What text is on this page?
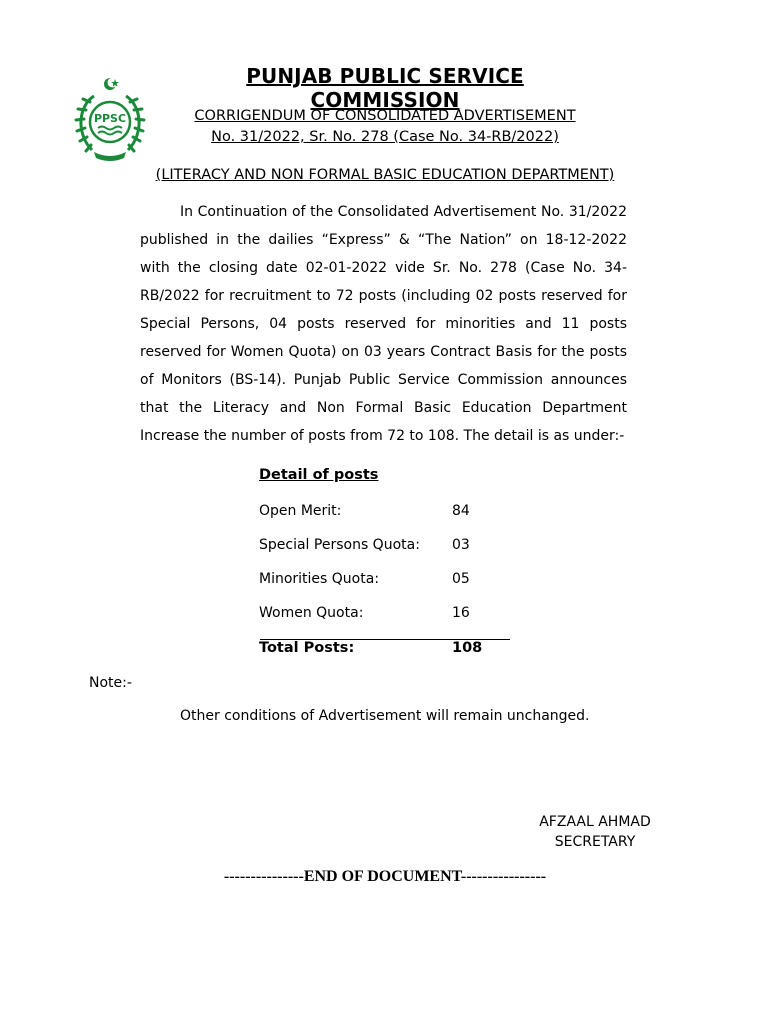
PPSC
PUNJAB PUBLIC SERVICE COMMISSION
CORRIGENDUM OF CONSOLIDATED ADVERTISEMENT
No. 31/2022, Sr. No. 278 (Case No. 34-RB/2022)
(LITERACY AND NON FORMAL BASIC EDUCATION DEPARTMENT)
In Continuation of the Consolidated Advertisement No. 31/2022 published in the dailies “Express” & “The Nation” on 18-12-2022 with the closing date 02-01-2022 vide Sr. No. 278 (Case No. 34-RB/2022 for recruitment to 72 posts (including 02 posts reserved for Special Persons, 04 posts reserved for minorities and 11 posts reserved for Women Quota) on 03 years Contract Basis for the posts of Monitors (BS-14). Punjab Public Service Commission announces that the Literacy and Non Formal Basic Education Department Increase the number of posts from 72 to 108. The detail is as under:-
Detail of posts
Open Merit:	84
Special Persons Quota: 03
Minorities Quota:	05
Women Quota:	16
Total Posts:	108
Note:-
Other conditions of Advertisement will remain unchanged.
AFZAAL AHMAD
SECRETARY
---------------END OF DOCUMENT----------------
